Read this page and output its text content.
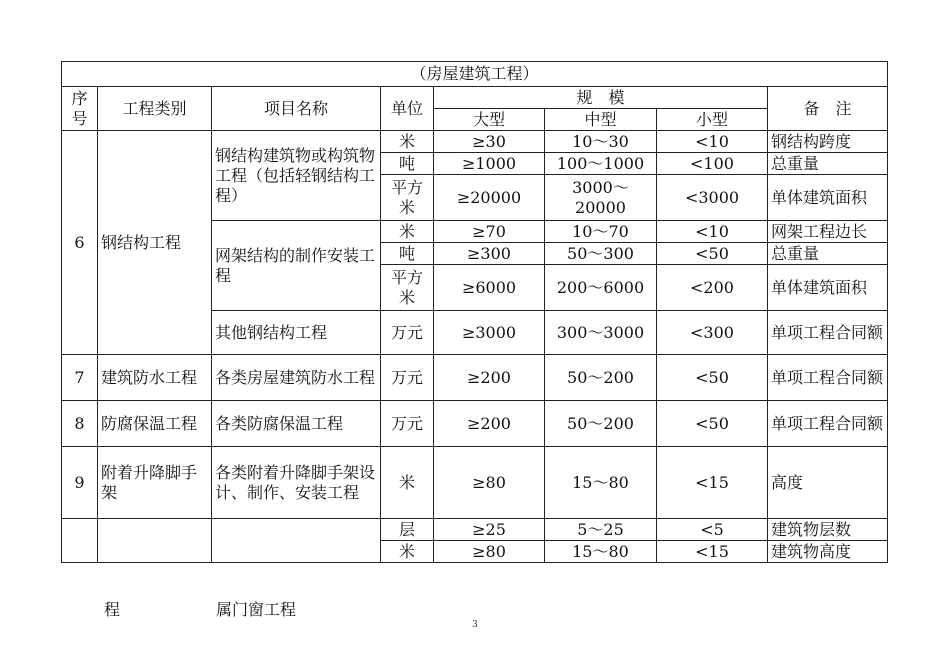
（房屋建筑工程）							
序号	工程类别	项目名称	单位	规　模			备　注
				大型	中型	小型	
6	钢结构工程	钢结构建筑物或构筑物工程（包括轻钢结构工程）	米	≥30	10～30	<10	钢结构跨度
			吨	≥1000	100～1000	<100	总重量
			平方米	≥20000	3000～20000	<3000	单体建筑面积
		网架结构的制作安装工程	米	≥70	10～70	<10	网架工程边长
			吨	≥300	50～300	<50	总重量
			平方米	≥6000	200～6000	<200	单体建筑面积
		其他钢结构工程	万元	≥3000	300～3000	<300	单项工程合同额
7	建筑防水工程	各类房屋建筑防水工程	万元	≥200	50～200	<50	单项工程合同额
8	防腐保温工程	各类防腐保温工程	万元	≥200	50～200	<50	单项工程合同额
9	附着升降脚手架	各类附着升降脚手架设计、制作、安装工程	米	≥80	15～80	<15	高度
			层	≥25	5～25	<5	建筑物层数
			米	≥80	15～80	<15	建筑物高度
程	属门窗工程
3
